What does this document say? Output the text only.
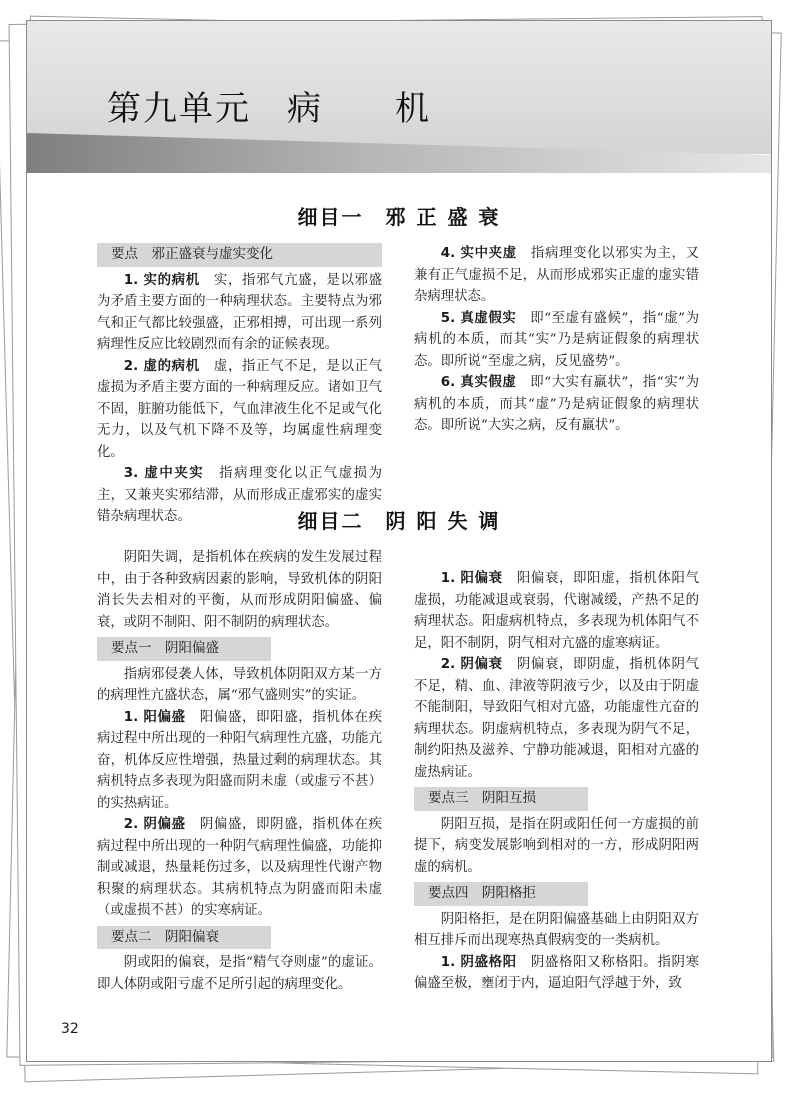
第九单元　病　　机
细目一　邪 正 盛 衰
要点　邪正盛衰与虚实变化

1. 实的病机　实，指邪气亢盛，是以邪盛为矛盾主要方面的一种病理状态。主要特点为邪气和正气都比较强盛，正邪相搏，可出现一系列病理性反应比较剧烈而有余的证候表现。

2. 虚的病机　虚，指正气不足，是以正气虚损为矛盾主要方面的一种病理反应。诸如卫气不固，脏腑功能低下，气血津液生化不足或气化无力，以及气机下降不及等，均属虚性病理变化。

3. 虚中夹实　指病理变化以正气虚损为主，又兼夹实邪结滞，从而形成正虚邪实的虚实错杂病理状态。

4. 实中夹虚　指病理变化以邪实为主，又兼有正气虚损不足，从而形成邪实正虚的虚实错杂病理状态。

5. 真虚假实　即“至虚有盛候”，指“虚”为病机的本质，而其“实”乃是病证假象的病理状态。即所说“至虚之病，反见盛势”。

6. 真实假虚　即“大实有羸状”，指“实”为病机的本质，而其“虚”乃是病证假象的病理状态。即所说“大实之病，反有羸状”。

细目二　阴 阳 失 调

阴阳失调，是指机体在疾病的发生发展过程中，由于各种致病因素的影响，导致机体的阴阳消长失去相对的平衡，从而形成阴阳偏盛、偏衰，或阴不制阳、阳不制阴的病理状态。

要点一　阴阳偏盛

指病邪侵袭人体，导致机体阴阳双方某一方的病理性亢盛状态，属“邪气盛则实”的实证。

1. 阳偏盛　阳偏盛，即阳盛，指机体在疾病过程中所出现的一种阳气病理性亢盛，功能亢奋，机体反应性增强，热量过剩的病理状态。其病机特点多表现为阳盛而阴未虚（或虚亏不甚）的实热病证。

2. 阴偏盛　阴偏盛，即阴盛，指机体在疾病过程中所出现的一种阴气病理性偏盛，功能抑制或减退，热量耗伤过多，以及病理性代谢产物积聚的病理状态。其病机特点为阴盛而阳未虚（或虚损不甚）的实寒病证。

要点二　阴阳偏衰

阴或阳的偏衰，是指“精气夺则虚”的虚证。即人体阴或阳亏虚不足所引起的病理变化。

1. 阳偏衰　阳偏衰，即阳虚，指机体阳气虚损，功能减退或衰弱，代谢减缓，产热不足的病理状态。阳虚病机特点，多表现为机体阳气不足，阳不制阴，阴气相对亢盛的虚寒病证。

2. 阴偏衰　阴偏衰，即阴虚，指机体阴气不足，精、血、津液等阴液亏少，以及由于阴虚不能制阳，导致阳气相对亢盛，功能虚性亢奋的病理状态。阴虚病机特点，多表现为阴气不足，制约阳热及滋养、宁静功能减退，阳相对亢盛的虚热病证。

要点三　阴阳互损

阴阳互损，是指在阴或阳任何一方虚损的前提下，病变发展影响到相对的一方，形成阴阳两虚的病机。

要点四　阴阳格拒

阴阳格拒，是在阴阳偏盛基础上由阴阳双方相互排斥而出现寒热真假病变的一类病机。

1. 阴盛格阳　阴盛格阳又称格阳。指阴寒偏盛至极，壅闭于内，逼迫阳气浮越于外，致

32
